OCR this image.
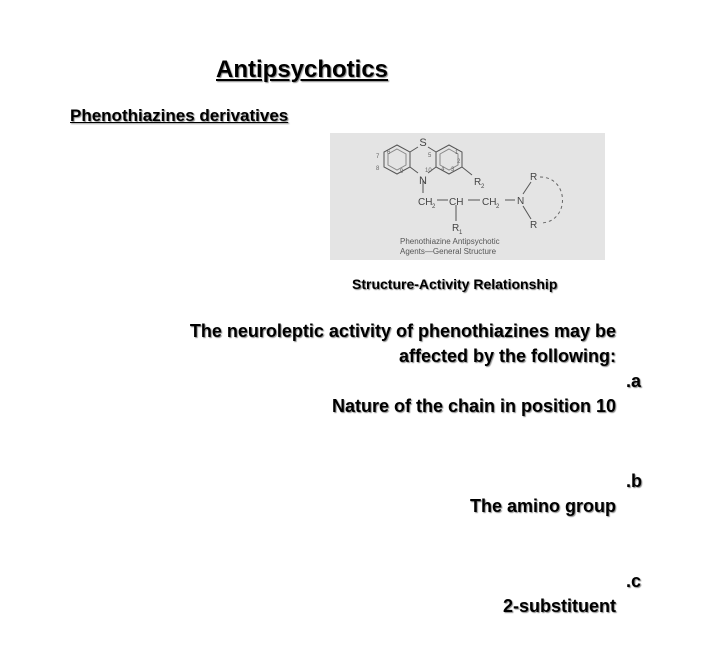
Antipsychotics
Phenothiazines derivatives
S
N	R 2
CH 2 CH CH 2
R 1
N
R
R
1
2
3
4
5
6
7
8	9	10
Phenothiazine Antipsychotic
Agents—General Structure
Structure-Activity Relationship
The neuroleptic activity of phenothiazines may be
affected by the following:

Nature of the chain in position 10

.a

The amino group

.b

2-substituent

.c
